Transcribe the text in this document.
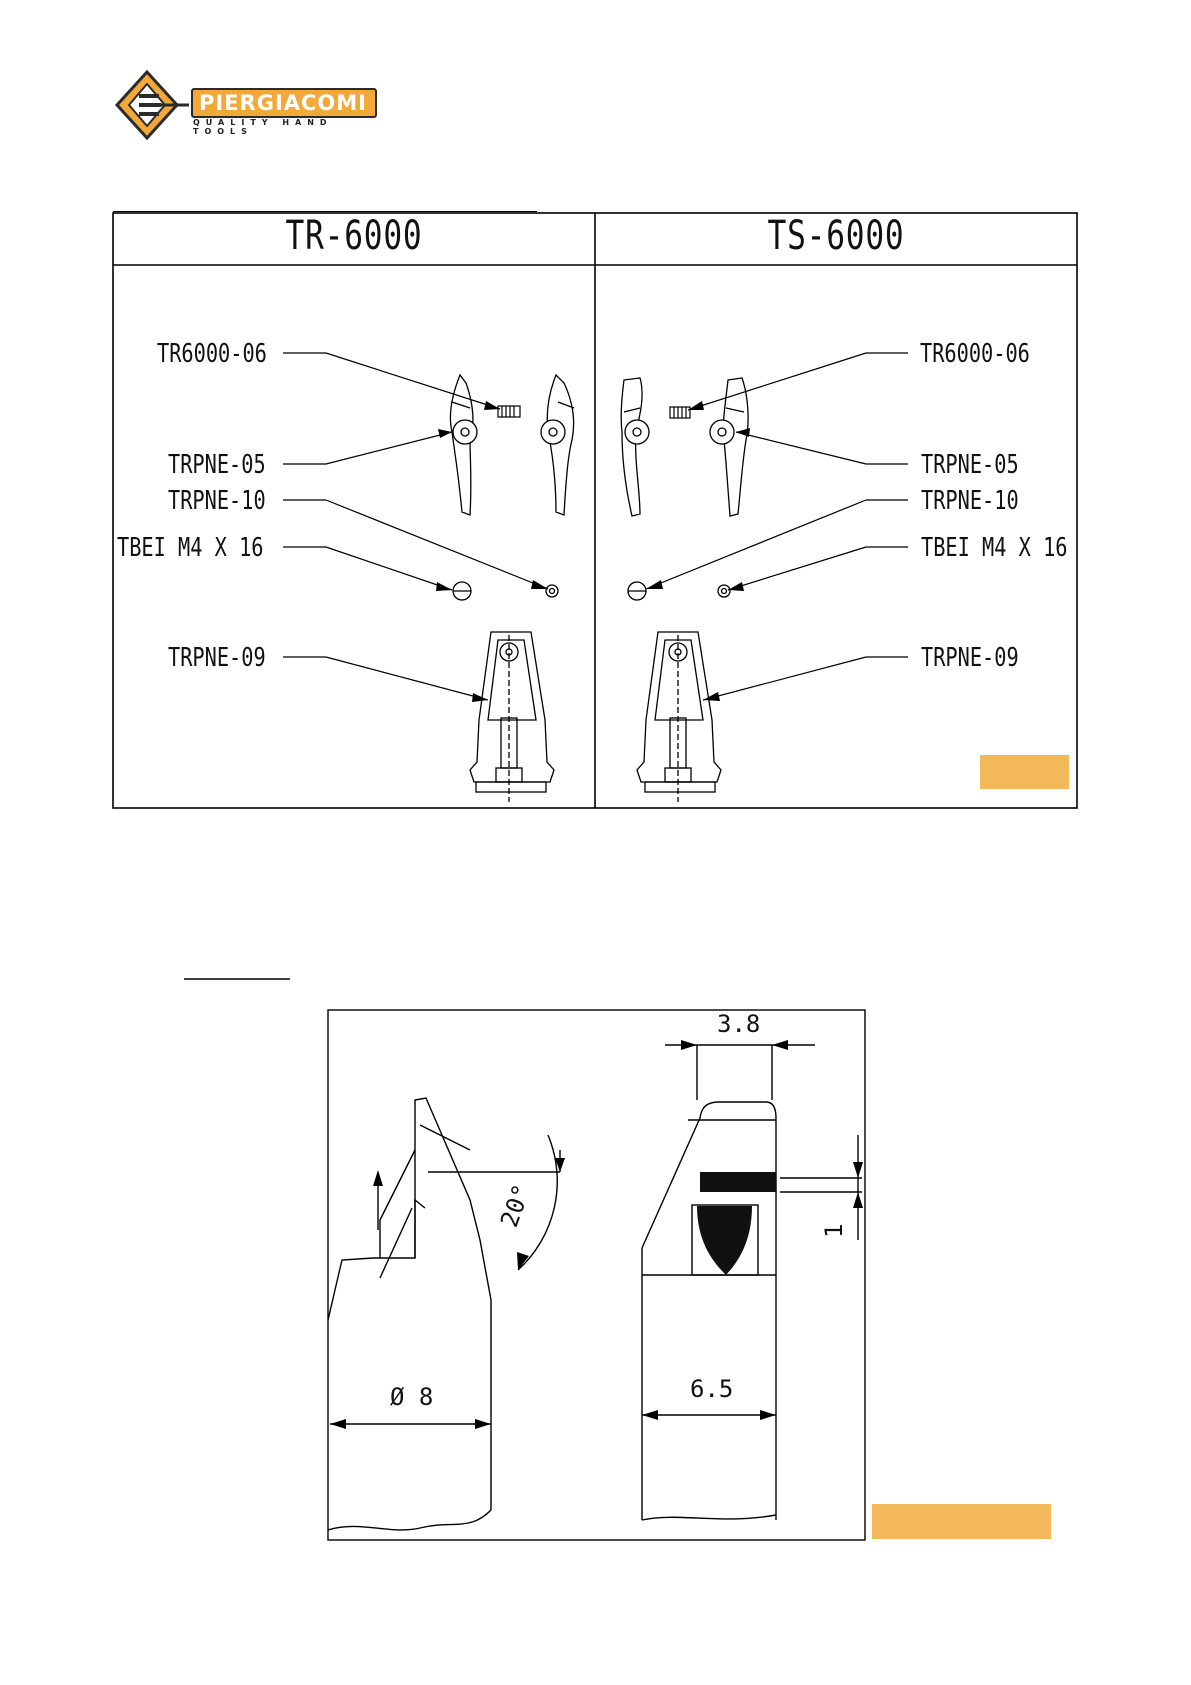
PIERGIACOMI
QUALITY HAND TOOLS
TR-6000	TS-6000
TR6000-06
TRPNE-05
TRPNE-10
TBEI M4 X 16
TRPNE-09
TR6000-06
TRPNE-05
TRPNE-10
TBEI M4 X 16
TRPNE-09
3.8
20°	1
Ø 8	6.5
